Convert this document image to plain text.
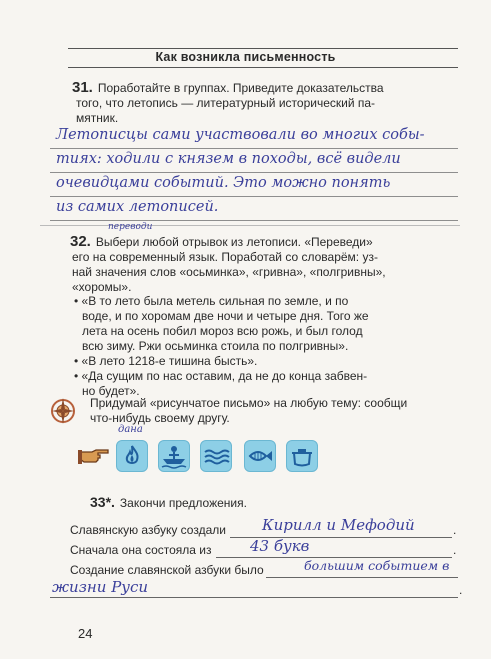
Как возникла письменность
31. Поработайте в группах. Приведите доказательства
того, что летопись — литературный исторический па-
мятник.
Летописцы сами участвовали во многих собы-
тиях: ходили с князем в походы, всё видели
очевидцами событий. Это можно понять
из самих летописей.
переводи
32. Выбери любой отрывок из летописи. «Переведи»
его на современный язык. Поработай со словарём: уз-
най значения слов «осьминка», «гривна», «полгривны»,
«хоромы».
• «В то лето была метель сильная по земле, и по
воде, и по хоромам две ночи и четыре дня. Того же
лета на осень побил мороз всю рожь, и был голод
всю зиму. Ржи осьминка стоила по полгривны».
• «В лето 1218-е тишина бысть».
• «Да сущим по нас оставим, да не до конца забвен-
но будет».
Придумай «рисунчатое письмо» на любую тему: сообщи
что-нибудь своему другу.
дана
33*. Закончи предложения.
Славянскую азбуку создали Кирилл и Мефодий	.
Сначала она состояла из	43 букв	.
Создание славянской азбуки было	большим событием в
жизни Руси	.
24
